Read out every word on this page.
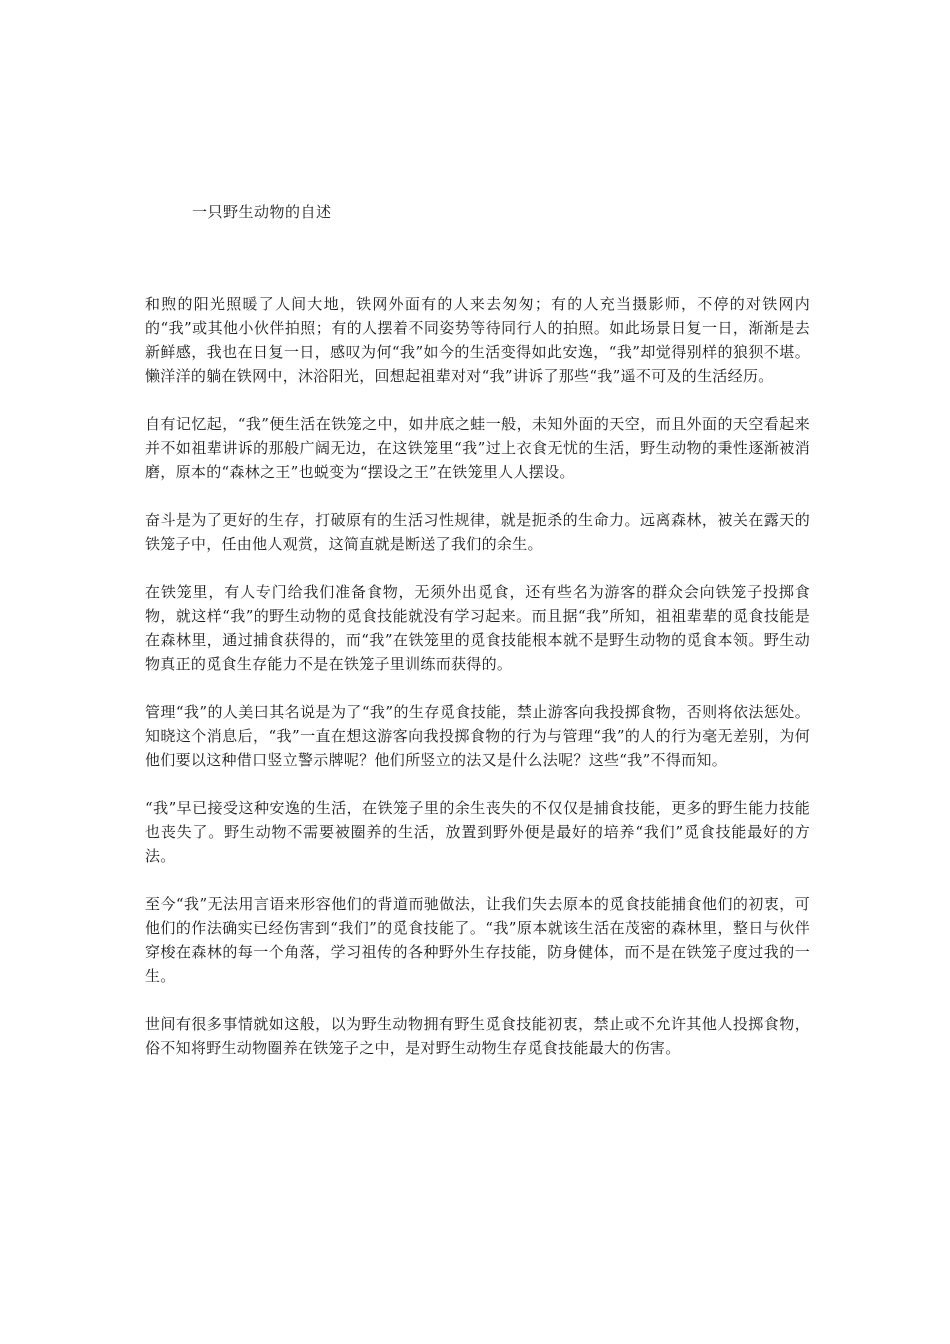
一只野生动物的自述

和煦的阳光照暖了人间大地，铁网外面有的人来去匆匆；有的人充当摄影师，不停的对铁网内的“我”或其他小伙伴拍照；有的人摆着不同姿势等待同行人的拍照。如此场景日复一日，渐渐是去新鲜感，我也在日复一日，感叹为何“我”如今的生活变得如此安逸，“我”却觉得别样的狼狈不堪。懒洋洋的躺在铁网中，沐浴阳光，回想起祖辈对对“我”讲诉了那些“我”遥不可及的生活经历。

自有记忆起，“我”便生活在铁笼之中，如井底之蛙一般，未知外面的天空，而且外面的天空看起来并不如祖辈讲诉的那般广阔无边，在这铁笼里“我”过上衣食无忧的生活，野生动物的秉性逐渐被消磨，原本的“森林之王”也蜕变为“摆设之王”在铁笼里人人摆设。

奋斗是为了更好的生存，打破原有的生活习性规律，就是扼杀的生命力。远离森林，被关在露天的铁笼子中，任由他人观赏，这简直就是断送了我们的余生。

在铁笼里，有人专门给我们准备食物，无须外出觅食，还有些名为游客的群众会向铁笼子投掷食物，就这样“我”的野生动物的觅食技能就没有学习起来。而且据“我”所知，祖祖辈辈的觅食技能是在森林里，通过捕食获得的，而“我”在铁笼里的觅食技能根本就不是野生动物的觅食本领。野生动物真正的觅食生存能力不是在铁笼子里训练而获得的。

管理“我”的人美曰其名说是为了“我”的生存觅食技能，禁止游客向我投掷食物，否则将依法惩处。知晓这个消息后，“我”一直在想这游客向我投掷食物的行为与管理“我”的人的行为毫无差别，为何他们要以这种借口竖立警示牌呢？他们所竖立的法又是什么法呢？这些“我”不得而知。

“我”早已接受这种安逸的生活，在铁笼子里的余生丧失的不仅仅是捕食技能，更多的野生能力技能也丧失了。野生动物不需要被圈养的生活，放置到野外便是最好的培养“我们”觅食技能最好的方法。

至今“我”无法用言语来形容他们的背道而驰做法，让我们失去原本的觅食技能捕食他们的初衷，可他们的作法确实已经伤害到“我们”的觅食技能了。“我”原本就该生活在茂密的森林里，整日与伙伴穿梭在森林的每一个角落，学习祖传的各种野外生存技能，防身健体，而不是在铁笼子度过我的一生。

世间有很多事情就如这般，以为野生动物拥有野生觅食技能初衷，禁止或不允许其他人投掷食物，俗不知将野生动物圈养在铁笼子之中，是对野生动物生存觅食技能最大的伤害。
